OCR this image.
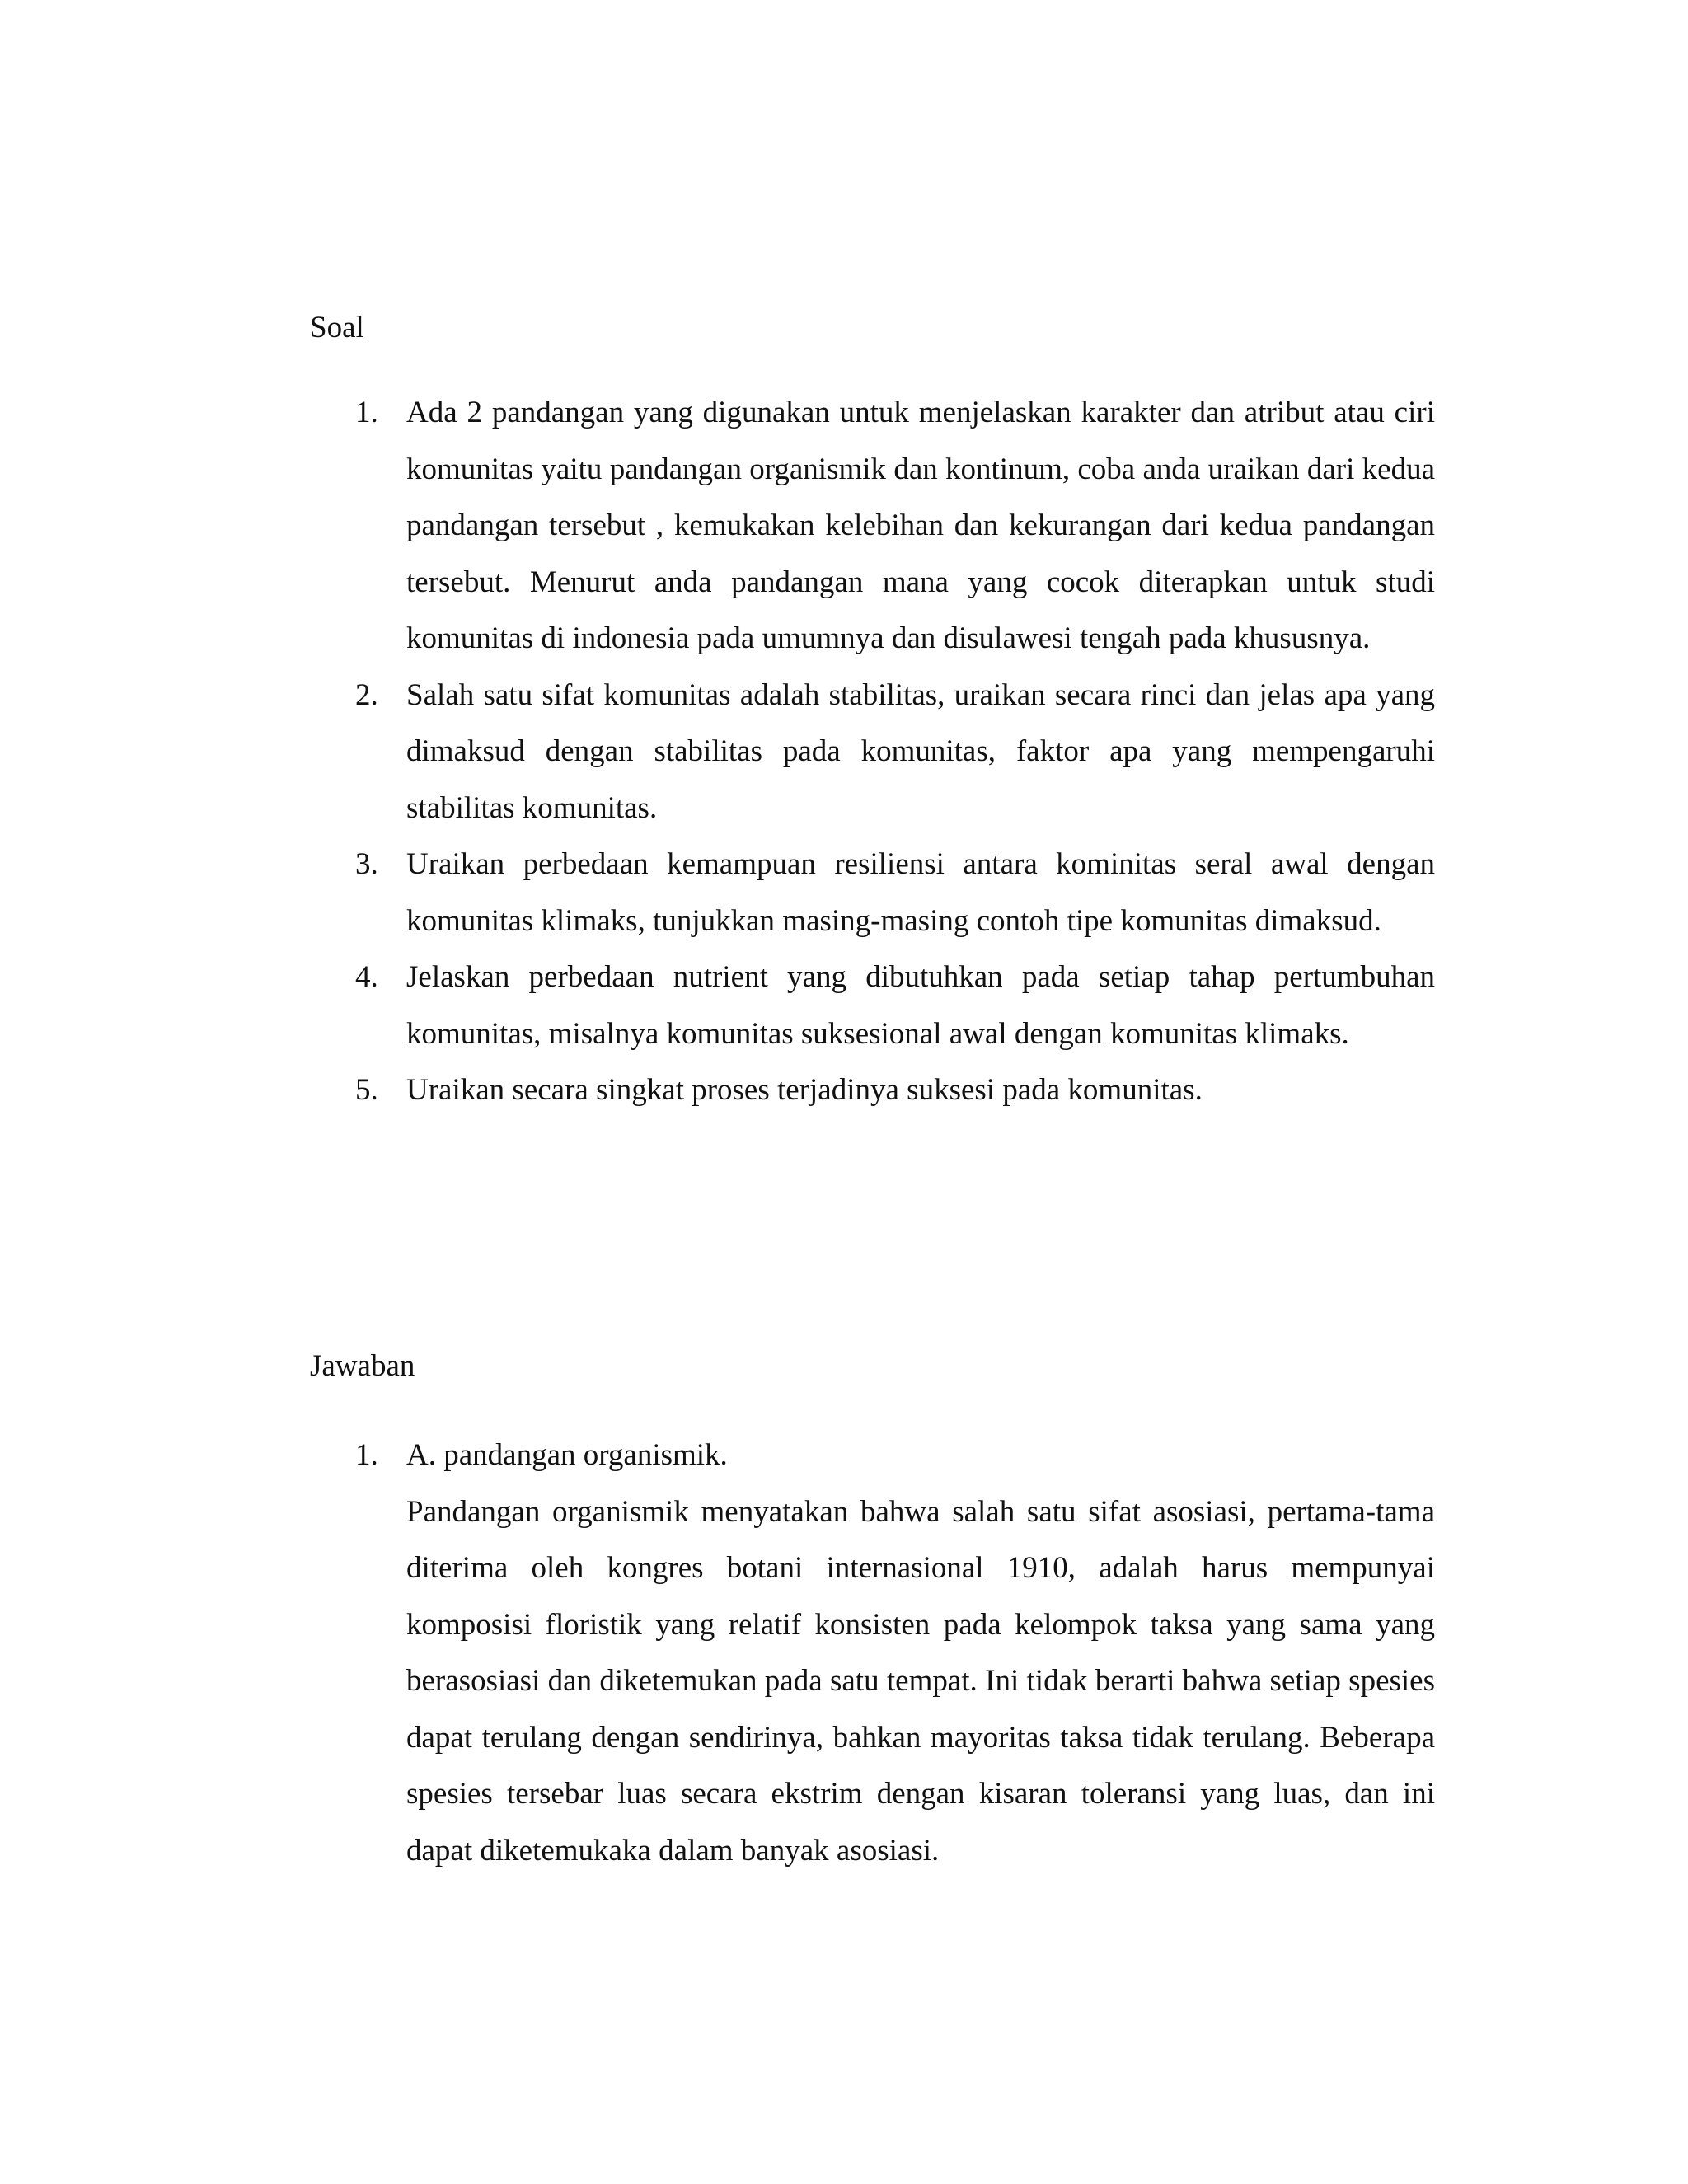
Soal
1. Ada 2 pandangan yang digunakan untuk menjelaskan karakter dan atribut atau ciri komunitas yaitu pandangan organismik dan kontinum, coba anda uraikan dari kedua pandangan tersebut , kemukakan kelebihan dan kekurangan dari kedua pandangan tersebut. Menurut anda pandangan mana yang cocok diterapkan untuk studi komunitas di indonesia pada umumnya dan disulawesi tengah pada khususnya.
2. Salah satu sifat komunitas adalah stabilitas, uraikan secara rinci dan jelas apa yang dimaksud dengan stabilitas pada komunitas, faktor apa yang mempengaruhi stabilitas komunitas.
3. Uraikan perbedaan kemampuan resiliensi antara kominitas seral awal dengan komunitas klimaks, tunjukkan masing-masing contoh tipe komunitas dimaksud.
4. Jelaskan perbedaan nutrient yang dibutuhkan pada setiap tahap pertumbuhan komunitas, misalnya komunitas suksesional awal dengan komunitas klimaks.
5. Uraikan secara singkat proses terjadinya suksesi pada komunitas.
Jawaban
1. A. pandangan organismik.
Pandangan organismik menyatakan bahwa salah satu sifat asosiasi, pertama-tama diterima oleh kongres botani internasional 1910, adalah harus mempunyai komposisi floristik yang relatif konsisten pada kelompok taksa yang sama yang berasosiasi dan diketemukan pada satu tempat. Ini tidak berarti bahwa setiap spesies dapat terulang dengan sendirinya, bahkan mayoritas taksa tidak terulang. Beberapa spesies tersebar luas secara ekstrim dengan kisaran toleransi yang luas, dan ini dapat diketemukaka dalam banyak asosiasi.
